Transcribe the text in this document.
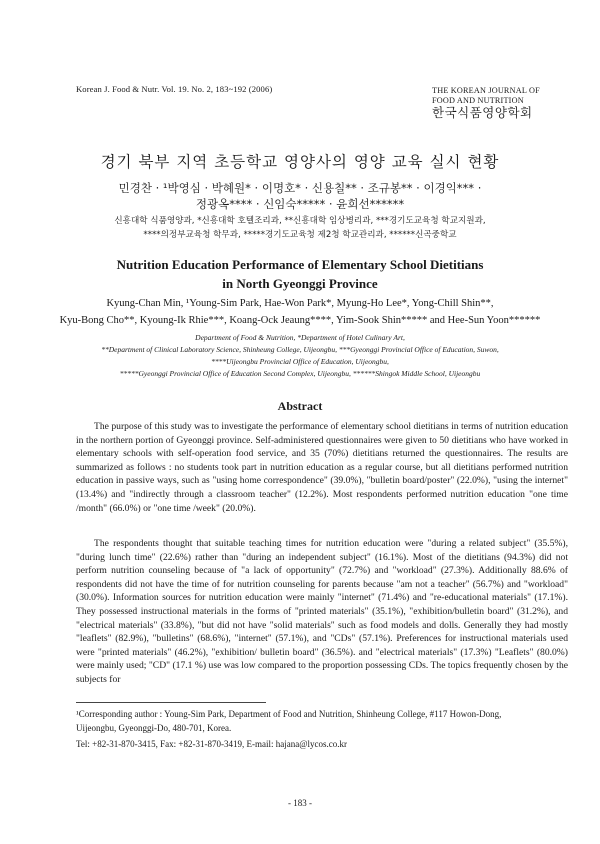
Korean J. Food & Nutr. Vol. 19. No. 2, 183~192 (2006)	THE KOREAN JOURNAL OF
FOOD AND NUTRITION
한국식품영양학회
경기 북부 지역 초등학교 영양사의 영양 교육 실시 현황
민경찬 · ¹박영심 · 박혜원* · 이명호* · 신용칠** · 조규봉** · 이경익*** ·
정광옥**** · 신임숙***** · 윤희선******
신흥대학 식품영양과, *신흥대학 호텔조리과, **신흥대학 임상병리과, ***경기도교육청 학교지원과,
****의정부교육청 학무과, *****경기도교육청 제2청 학교관리과, ******신곡중학교
Nutrition Education Performance of Elementary School Dietitians
in North Gyeonggi Province
Kyung-Chan Min, ¹Young-Sim Park, Hae-Won Park*, Myung-Ho Lee*, Yong-Chill Shin**,
Kyu-Bong Cho**, Kyoung-Ik Rhie***, Koang-Ock Jeaung****, Yim-Sook Shin***** and Hee-Sun Yoon******
Department of Food & Nutrition, *Department of Hotel Culinary Art,
**Department of Clinical Laboratory Science, Shinheung College, Uijeongbu, ***Gyeonggi Provincial Office of Education, Suwon,
****Uijeongbu Provincial Office of Education, Uijeongbu,
*****Gyeonggi Provincial Office of Education Second Complex, Uijeongbu, ******Shingok Middle School, Uijeongbu
Abstract
The purpose of this study was to investigate the performance of elementary school dietitians in terms of nutrition education in the northern portion of Gyeonggi province. Self-administered questionnaires were given to 50 dietitians who have worked in elementary schools with self-operation food service, and 35 (70%) dietitians returned the questionnaires. The results are summarized as follows : no students took part in nutrition education as a regular course, but all dietitians performed nutrition education in passive ways, such as "using home correspondence" (39.0%), "bulletin board/poster" (22.0%), "using the internet" (13.4%) and "indirectly through a classroom teacher" (12.2%). Most respondents performed nutrition education "one time /month" (66.0%) or "one time /week" (20.0%).
The respondents thought that suitable teaching times for nutrition education were "during a related subject" (35.5%), "during lunch time" (22.6%) rather than "during an independent subject" (16.1%). Most of the dietitians (94.3%) did not perform nutrition counseling because of "a lack of opportunity" (72.7%) and "workload" (27.3%). Additionally 88.6% of respondents did not have the time of for nutrition counseling for parents because "am not a teacher" (56.7%) and "workload" (30.0%). Information sources for nutrition education were mainly "internet" (71.4%) and "re-educational materials" (17.1%). They possessed instructional materials in the forms of "printed materials" (35.1%), "exhibition/bulletin board" (31.2%), and "electrical materials" (33.8%), "but did not have "solid materials" such as food models and dolls. Generally they had mostly "leaflets" (82.9%), "bulletins" (68.6%), "internet" (57.1%), and "CDs" (57.1%). Preferences for instructional materials used were "printed materials" (46.2%), "exhibition/ bulletin board" (36.5%). and "electrical materials" (17.3%) "Leaflets" (80.0%) were mainly used; "CD" (17.1 %) use was low compared to the proportion possessing CDs. The topics frequently chosen by the subjects for
¹Corresponding author : Young-Sim Park, Department of Food and Nutrition, Shinheung College, #117 Howon-Dong,
Uijeongbu, Gyeonggi-Do, 480-701, Korea.
Tel: +82-31-870-3415, Fax: +82-31-870-3419, E-mail: hajana@lycos.co.kr
- 183 -
